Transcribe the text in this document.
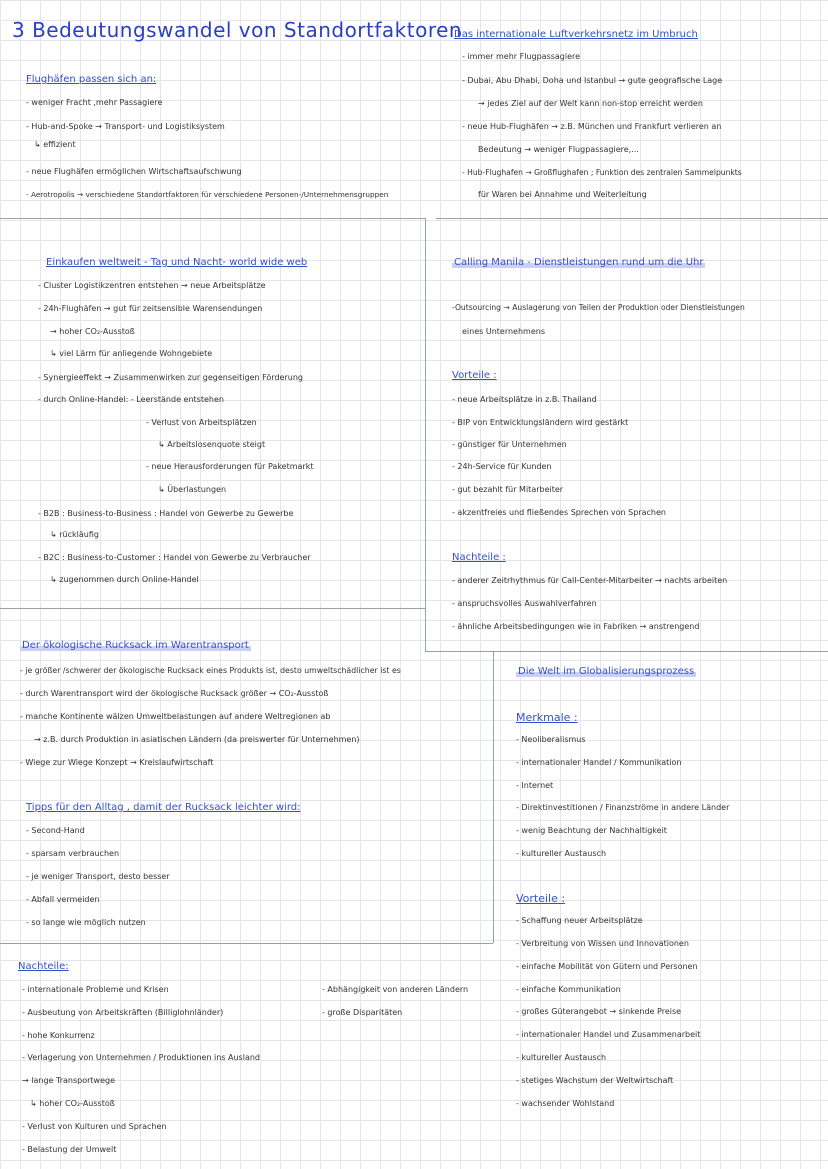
3 Bedeutungswandel von Standortfaktoren
Flughäfen passen sich an:
- weniger Fracht ,mehr Passagiere
- Hub-and-Spoke → Transport- und Logistiksystem
↳ effizient
- neue Flughäfen ermöglichen Wirtschaftsaufschwung
- Aerotropolis → verschiedene Standortfaktoren für verschiedene Personen-/Unternehmensgruppen
Das internationale Luftverkehrsnetz im Umbruch
- immer mehr Flugpassagiere
- Dubai, Abu Dhabi, Doha und Istanbul → gute geografische Lage
→ jedes Ziel auf der Welt kann non-stop erreicht werden
- neue Hub-Flughäfen → z.B. München und Frankfurt verlieren an
Bedeutung → weniger Flugpassagiere,...
- Hub-Flughafen → Großflughafen ; Funktion des zentralen Sammelpunkts
für Waren bei Annahme und Weiterleitung
Einkaufen weltweit - Tag und Nacht- world wide web
- Cluster Logistikzentren entstehen → neue Arbeitsplätze
- 24h-Flughäfen → gut für zeitsensible Warensendungen
→ hoher CO₂-Ausstoß
↳ viel Lärm für anliegende Wohngebiete
- Synergieeffekt → Zusammenwirken zur gegenseitigen Förderung
- durch Online-Handel: - Leerstände entstehen
- Verlust von Arbeitsplätzen
↳ Arbeitslosenquote steigt
- neue Herausforderungen für Paketmarkt
↳ Überlastungen
- B2B : Business-to-Business : Handel von Gewerbe zu Gewerbe
↳ rückläufig
- B2C : Business-to-Customer : Handel von Gewerbe zu Verbraucher
↳ zugenommen durch Online-Handel
Calling Manila - Dienstleistungen rund um die Uhr
-Outsourcing → Auslagerung von Teilen der Produktion oder Dienstleistungen
eines Unternehmens
Vorteile :
- neue Arbeitsplätze in z.B. Thailand
- BIP von Entwicklungsländern wird gestärkt
- günstiger für Unternehmen
- 24h-Service für Kunden
- gut bezahlt für Mitarbeiter
- akzentfreies und fließendes Sprechen von Sprachen
Nachteile :
- anderer Zeitrhythmus für Call-Center-Mitarbeiter → nachts arbeiten
- anspruchsvolles Auswahlverfahren
- ähnliche Arbeitsbedingungen wie in Fabriken → anstrengend
Der ökologische Rucksack im Warentransport
- je größer /schwerer der ökologische Rucksack eines Produkts ist, desto umweltschädlicher ist es
- durch Warentransport wird der ökologische Rucksack größer → CO₂-Ausstoß
- manche Kontinente wälzen Umweltbelastungen auf andere Weltregionen ab
→ z.B. durch Produktion in asiatischen Ländern (da preiswerter für Unternehmen)
- Wiege zur Wiege Konzept → Kreislaufwirtschaft
Tipps für den Alltag , damit der Rucksack leichter wird:
- Second-Hand
- sparsam verbrauchen
- je weniger Transport, desto besser
- Abfall vermeiden
- so lange wie möglich nutzen
Die Welt im Globalisierungsprozess
Merkmale :
- Neoliberalismus
- internationaler Handel / Kommunikation
- Internet
- Direktinvestitionen / Finanzströme in andere Länder
- wenig Beachtung der Nachhaltigkeit
- kultureller Austausch
Vorteile :
- Schaffung neuer Arbeitsplätze
- Verbreitung von Wissen und Innovationen
- einfache Mobilität von Gütern und Personen
- einfache Kommunikation
- großes Güterangebot → sinkende Preise
- internationaler Handel und Zusammenarbeit
- kultureller Austausch
- stetiges Wachstum der Weltwirtschaft
- wachsender Wohlstand
Nachteile:
- internationale Probleme und Krisen
- Ausbeutung von Arbeitskräften (Billiglohnländer)
- hohe Konkurrenz
- Verlagerung von Unternehmen / Produktionen ins Ausland
→ lange Transportwege
↳ hoher CO₂-Ausstoß
- Verlust von Kulturen und Sprachen
- Belastung der Umwelt
- Abhängigkeit von anderen Ländern
- große Disparitäten
